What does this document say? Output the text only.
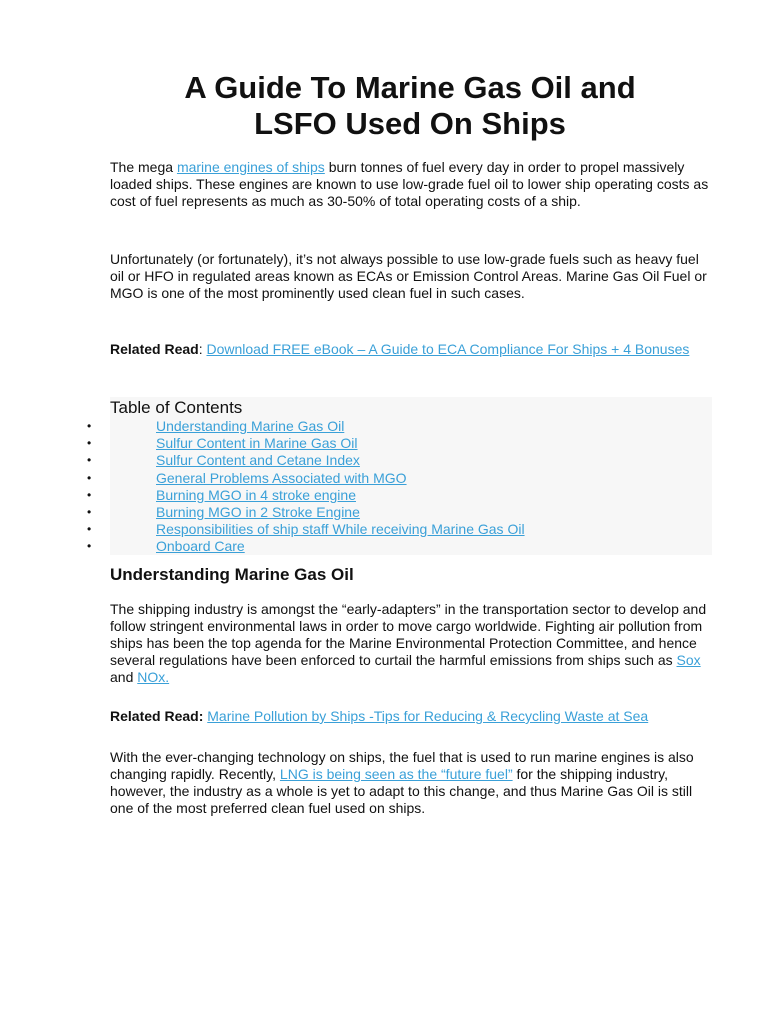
A Guide To Marine Gas Oil and
LSFO Used On Ships

The mega marine engines of ships burn tonnes of fuel every day in order to propel massively loaded ships. These engines are known to use low-grade fuel oil to lower ship operating costs as cost of fuel represents as much as 30-50% of total operating costs of a ship.

Unfortunately (or fortunately), it’s not always possible to use low-grade fuels such as heavy fuel oil or HFO in regulated areas known as ECAs or Emission Control Areas. Marine Gas Oil Fuel or MGO is one of the most prominently used clean fuel in such cases.

Related Read: Download FREE eBook – A Guide to ECA Compliance For Ships + 4 Bonuses

Table of Contents

•	Understanding Marine Gas Oil
•	Sulfur Content in Marine Gas Oil
•	Sulfur Content and Cetane Index
•	General Problems Associated with MGO
•	Burning MGO in 4 stroke engine
•	Burning MGO in 2 Stroke Engine
•	Responsibilities of ship staff While receiving Marine Gas Oil
•	Onboard Care
Understanding Marine Gas Oil

The shipping industry is amongst the “early-adapters” in the transportation sector to develop and follow stringent environmental laws in order to move cargo worldwide. Fighting air pollution from ships has been the top agenda for the Marine Environmental Protection Committee, and hence several regulations have been enforced to curtail the harmful emissions from ships such as Sox and NOx.

Related Read: Marine Pollution by Ships -Tips for Reducing & Recycling Waste at Sea

With the ever-changing technology on ships, the fuel that is used to run marine engines is also changing rapidly. Recently, LNG is being seen as the “future fuel” for the shipping industry, however, the industry as a whole is yet to adapt to this change, and thus Marine Gas Oil is still one of the most preferred clean fuel used on ships.
